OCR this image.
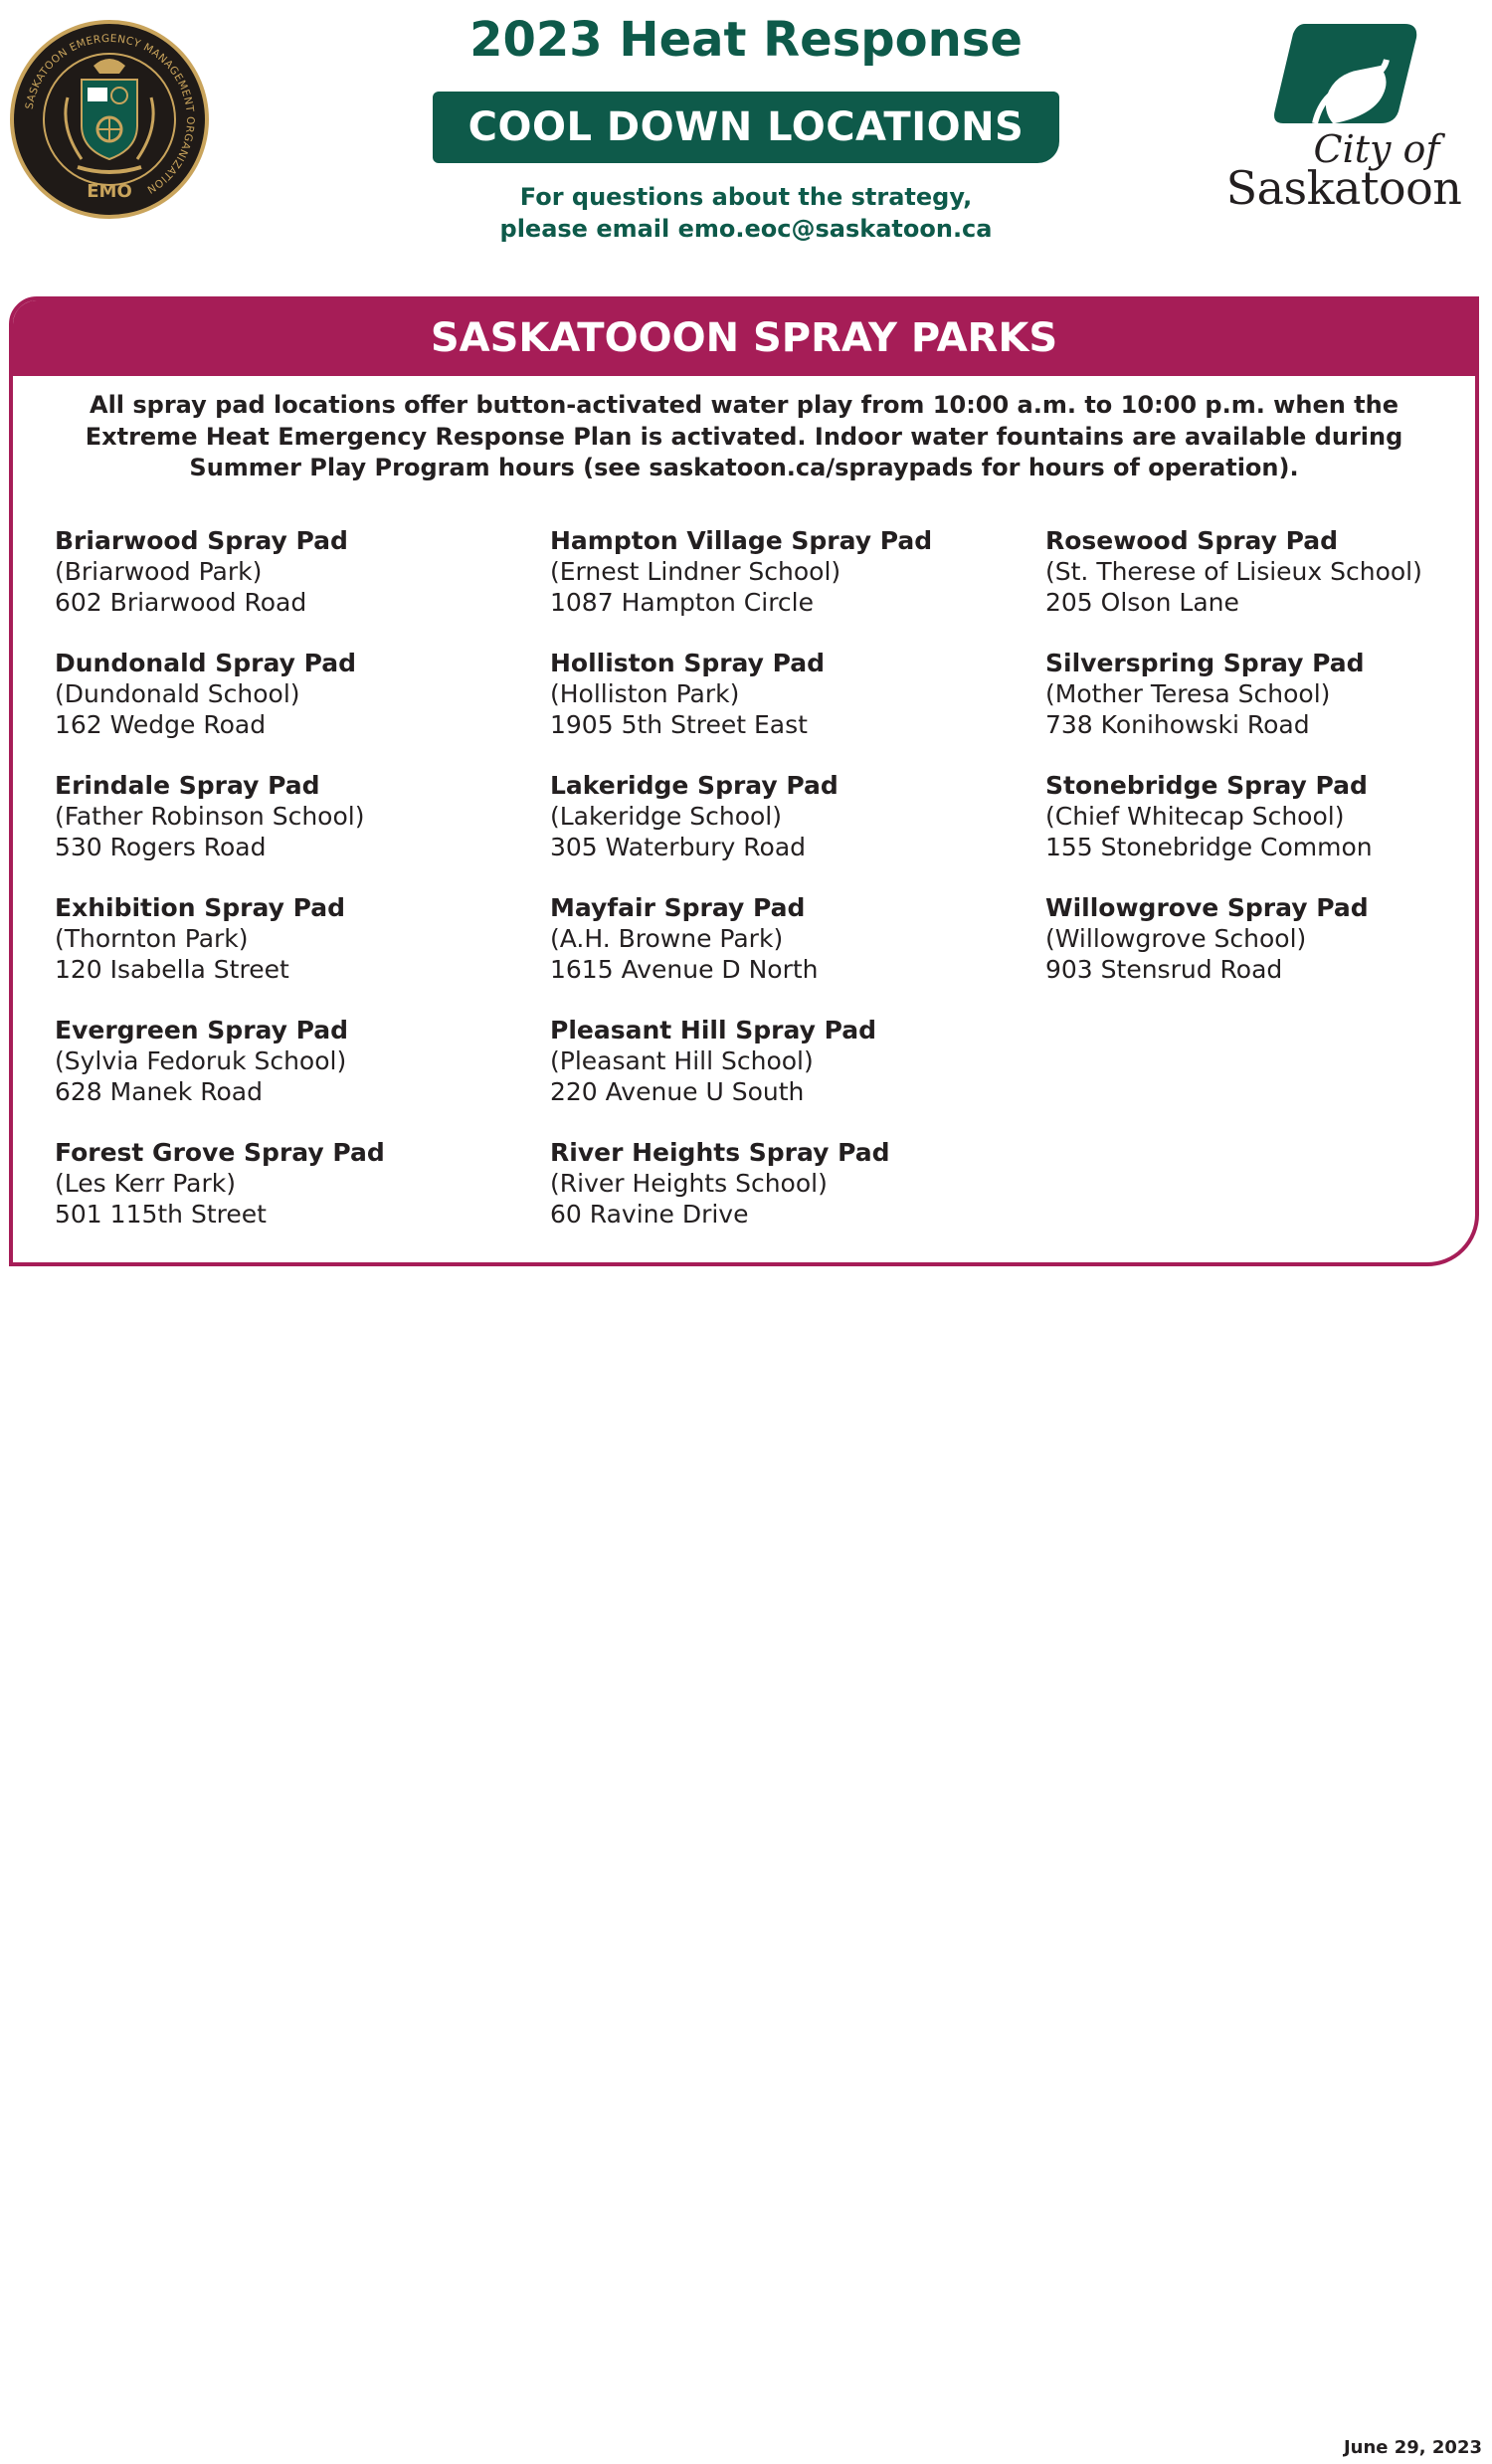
SASKATOON EMERGENCY MANAGEMENT ORGANIZATION
EMO
2023 Heat Response
COOL DOWN LOCATIONS
For questions about the strategy,
please email emo.eoc@saskatoon.ca
City of
Saskatoon
SASKATOOON SPRAY PARKS
All spray pad locations offer button-activated water play from 10:00 a.m. to 10:00 p.m. when the Extreme Heat Emergency Response Plan is activated. Indoor water fountains are available during Summer Play Program hours (see saskatoon.ca/spraypads for hours of operation).
Briarwood Spray Pad
(Briarwood Park)
602 Briarwood Road
Dundonald Spray Pad
(Dundonald School)
162 Wedge Road
Erindale Spray Pad
(Father Robinson School)
530 Rogers Road
Exhibition Spray Pad
(Thornton Park)
120 Isabella Street
Evergreen Spray Pad
(Sylvia Fedoruk School)
628 Manek Road
Forest Grove Spray Pad
(Les Kerr Park)
501 115th Street
Hampton Village Spray Pad
(Ernest Lindner School)
1087 Hampton Circle
Holliston Spray Pad
(Holliston Park)
1905 5th Street East
Lakeridge Spray Pad
(Lakeridge School)
305 Waterbury Road
Mayfair Spray Pad
(A.H. Browne Park)
1615 Avenue D North
Pleasant Hill Spray Pad
(Pleasant Hill School)
220 Avenue U South
River Heights Spray Pad
(River Heights School)
60 Ravine Drive
Rosewood Spray Pad
(St. Therese of Lisieux School)
205 Olson Lane
Silverspring Spray Pad
(Mother Teresa School)
738 Konihowski Road
Stonebridge Spray Pad
(Chief Whitecap School)
155 Stonebridge Common
Willowgrove Spray Pad
(Willowgrove School)
903 Stensrud Road
June 29, 2023
